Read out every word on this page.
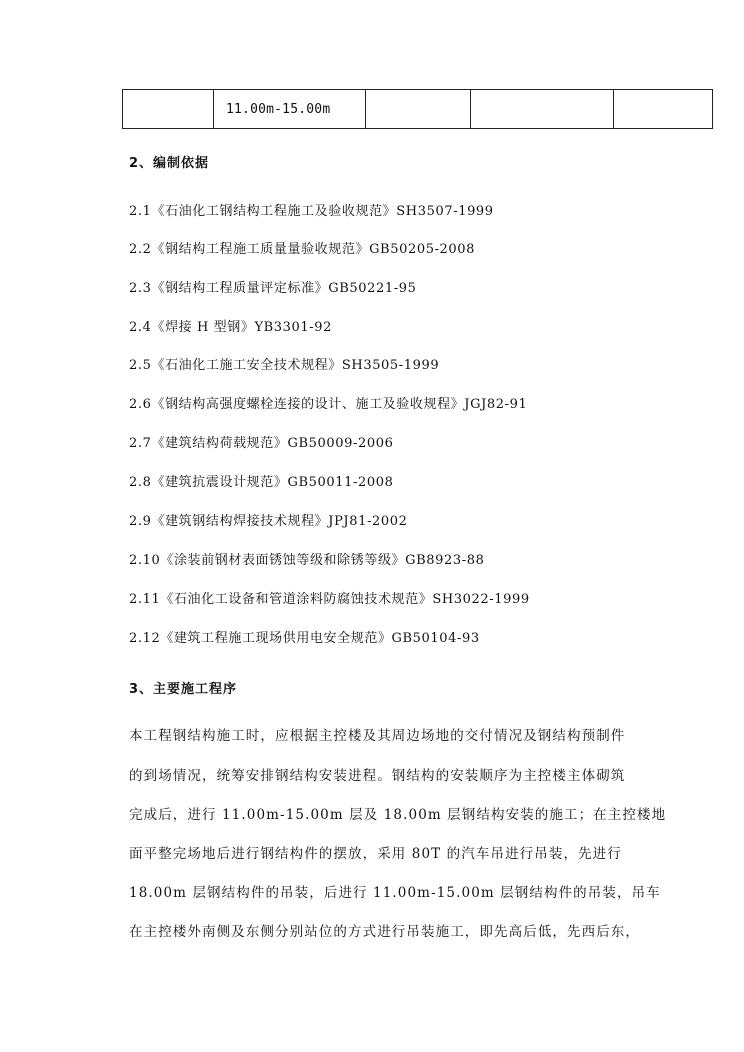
	11.00m-15.00m			
2、编制依据
2.1《石油化工钢结构工程施工及验收规范》SH3507-1999
2.2《钢结构工程施工质量量验收规范》GB50205-2008
2.3《钢结构工程质量评定标准》GB50221-95
2.4《焊接 H 型钢》YB3301-92
2.5《石油化工施工安全技术规程》SH3505-1999
2.6《钢结构高强度螺栓连接的设计、施工及验收规程》JGJ82-91
2.7《建筑结构荷载规范》GB50009-2006
2.8《建筑抗震设计规范》GB50011-2008
2.9《建筑钢结构焊接技术规程》JPJ81-2002
2.10《涂装前钢材表面锈蚀等级和除锈等级》GB8923-88
2.11《石油化工设备和管道涂料防腐蚀技术规范》SH3022-1999
2.12《建筑工程施工现场供用电安全规范》GB50104-93
3、主要施工程序
本工程钢结构施工时，应根据主控楼及其周边场地的交付情况及钢结构预制件
的到场情况，统筹安排钢结构安装进程。钢结构的安装顺序为主控楼主体砌筑
完成后，进行 11.00m-15.00m 层及 18.00m 层钢结构安装的施工；在主控楼地
面平整完场地后进行钢结构件的摆放，采用 80T 的汽车吊进行吊装，先进行
18.00m 层钢结构件的吊装，后进行 11.00m-15.00m 层钢结构件的吊装，吊车
在主控楼外南侧及东侧分别站位的方式进行吊装施工，即先高后低，先西后东，
